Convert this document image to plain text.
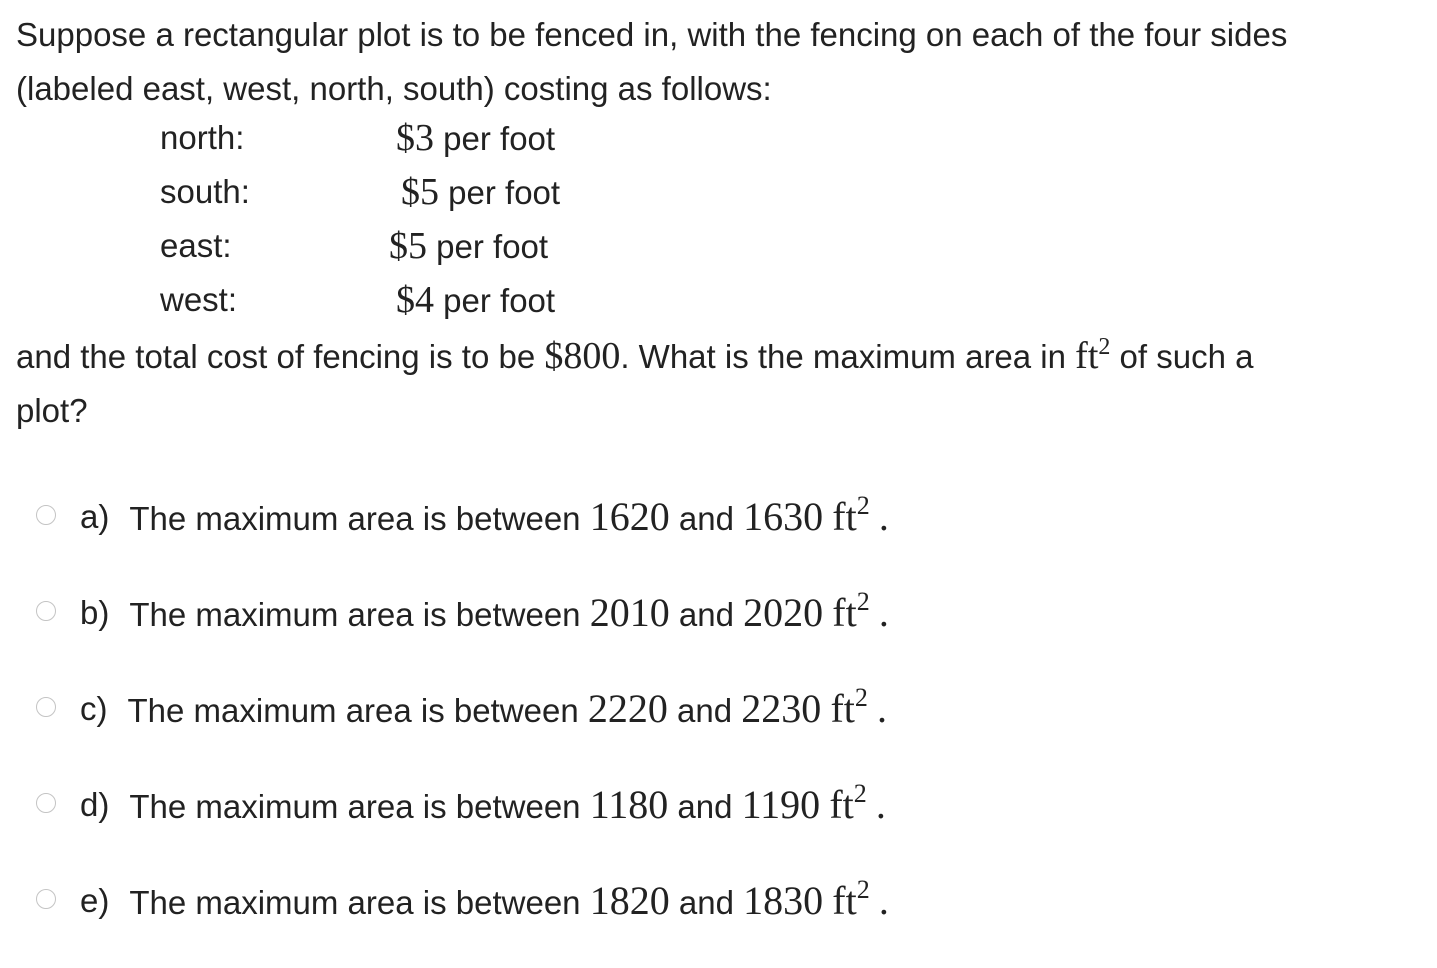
Suppose a rectangular plot is to be fenced in, with the fencing on each of the four sides
(labeled east, west, north, south) costing as follows:
north:	$3 per foot
south:	$5 per foot
east:	$5 per foot
west:	$4 per foot
and the total cost of fencing is to be $800. What is the maximum area in $ft^2$ of such a
plot?
a) The maximum area is between 1620 and 1630 $ft^2$ .
b) The maximum area is between 2010 and 2020 $ft^2$ .
c) The maximum area is between 2220 and 2230 $ft^2$ .
d) The maximum area is between 1180 and 1190 $ft^2$ .
e) The maximum area is between 1820 and 1830 $ft^2$ .
